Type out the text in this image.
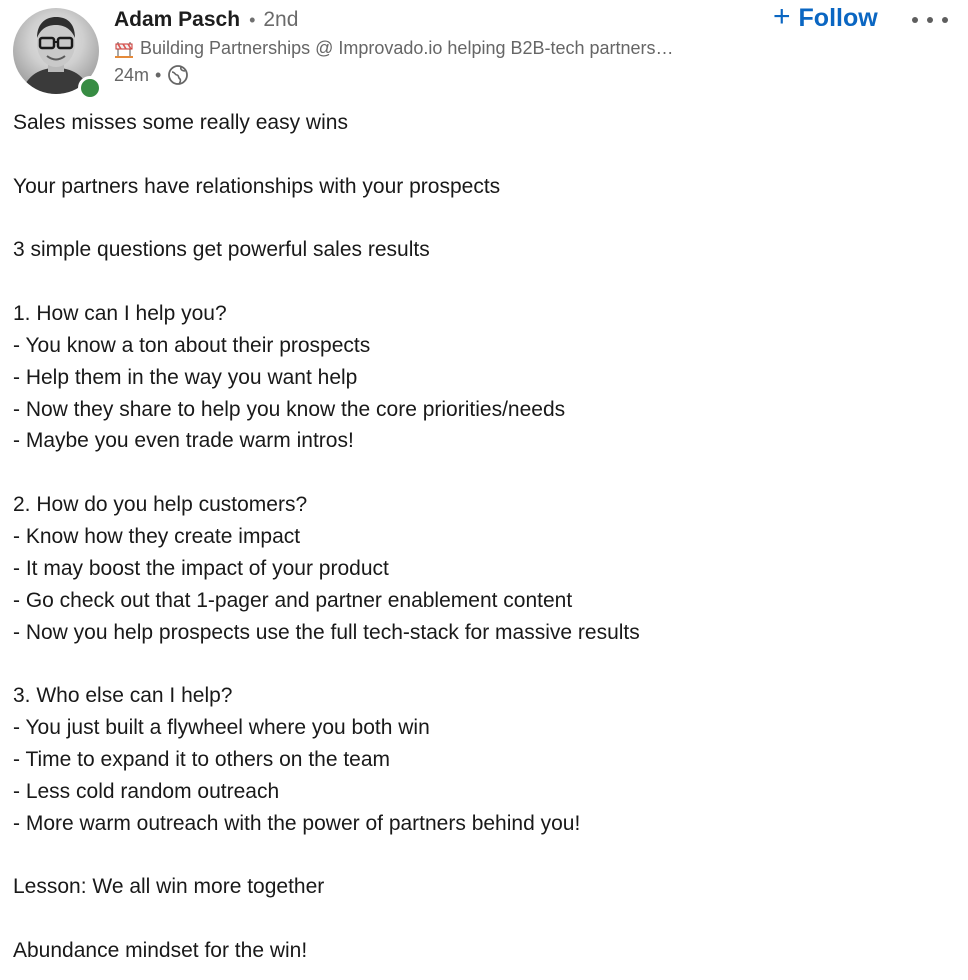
Adam Pasch • 2nd
Building Partnerships @ Improvado.io helping B2B-tech partners…
24m •
+ Follow
Sales misses some really easy wins
Your partners have relationships with your prospects
3 simple questions get powerful sales results
1. How can I help you?
- You know a ton about their prospects
- Help them in the way you want help
- Now they share to help you know the core priorities/needs
- Maybe you even trade warm intros!
2. How do you help customers?
- Know how they create impact
- It may boost the impact of your product
- Go check out that 1-pager and partner enablement content
- Now you help prospects use the full tech-stack for massive results
3. Who else can I help?
- You just built a flywheel where you both win
- Time to expand it to others on the team
- Less cold random outreach
- More warm outreach with the power of partners behind you!
Lesson: We all win more together
Abundance mindset for the win!
